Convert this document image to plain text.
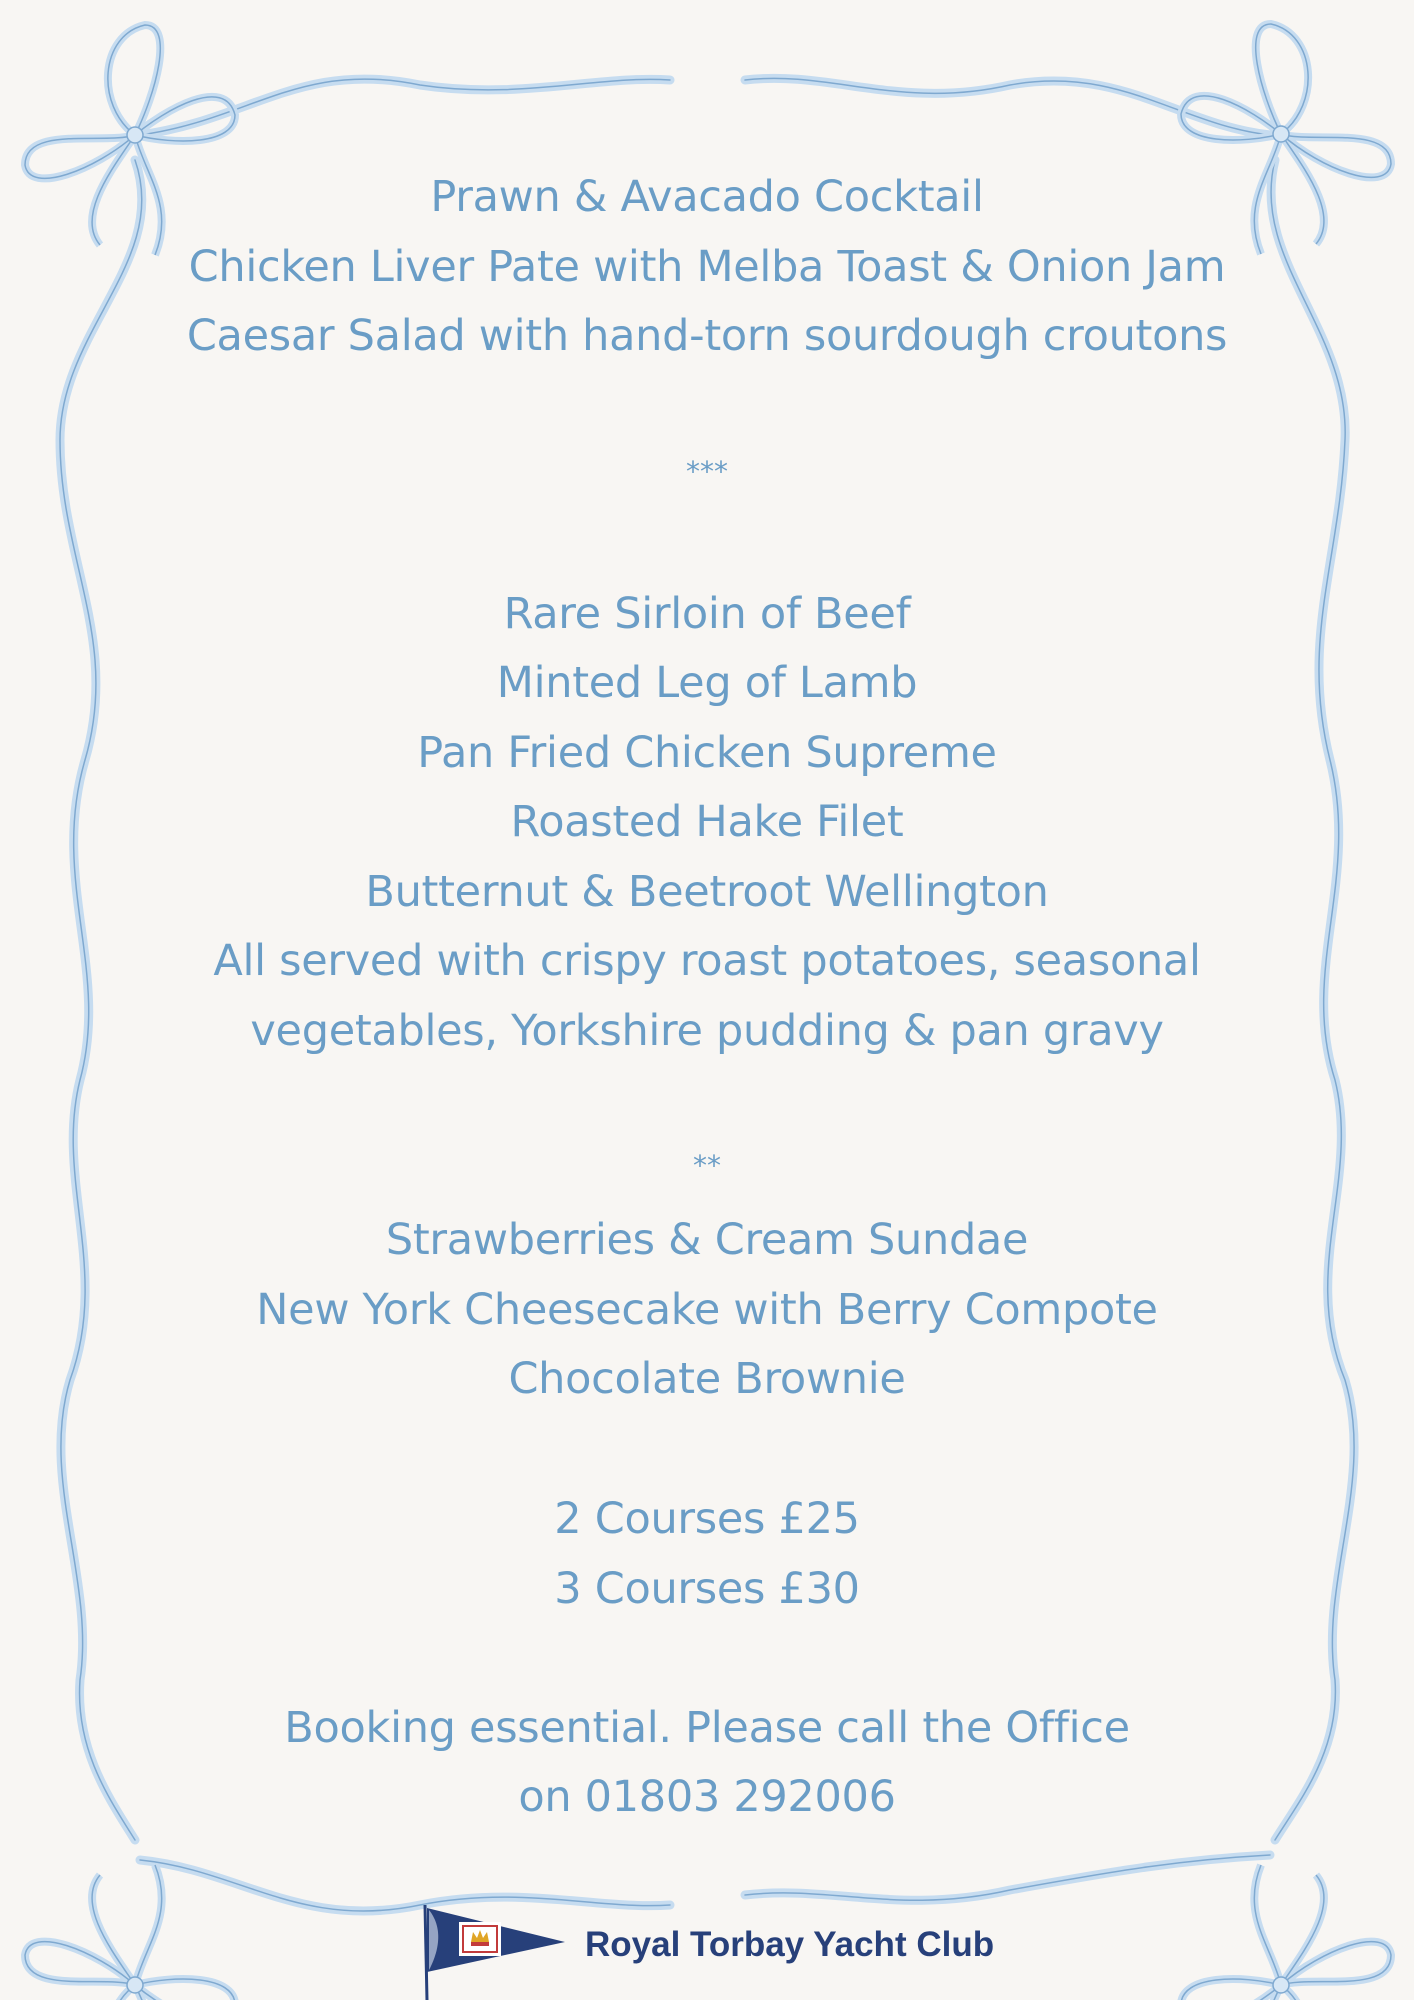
Prawn & Avacado Cocktail
Chicken Liver Pate with Melba Toast & Onion Jam
Caesar Salad with hand-torn sourdough croutons
***
Rare Sirloin of Beef
Minted Leg of Lamb
Pan Fried Chicken Supreme
Roasted Hake Filet
Butternut & Beetroot Wellington
All served with crispy roast potatoes, seasonal
vegetables, Yorkshire pudding & pan gravy
**
Strawberries & Cream Sundae
New York Cheesecake with Berry Compote
Chocolate Brownie
2 Courses £25
3 Courses £30
Booking essential. Please call the Office
on 01803 292006
Royal Torbay Yacht Club
